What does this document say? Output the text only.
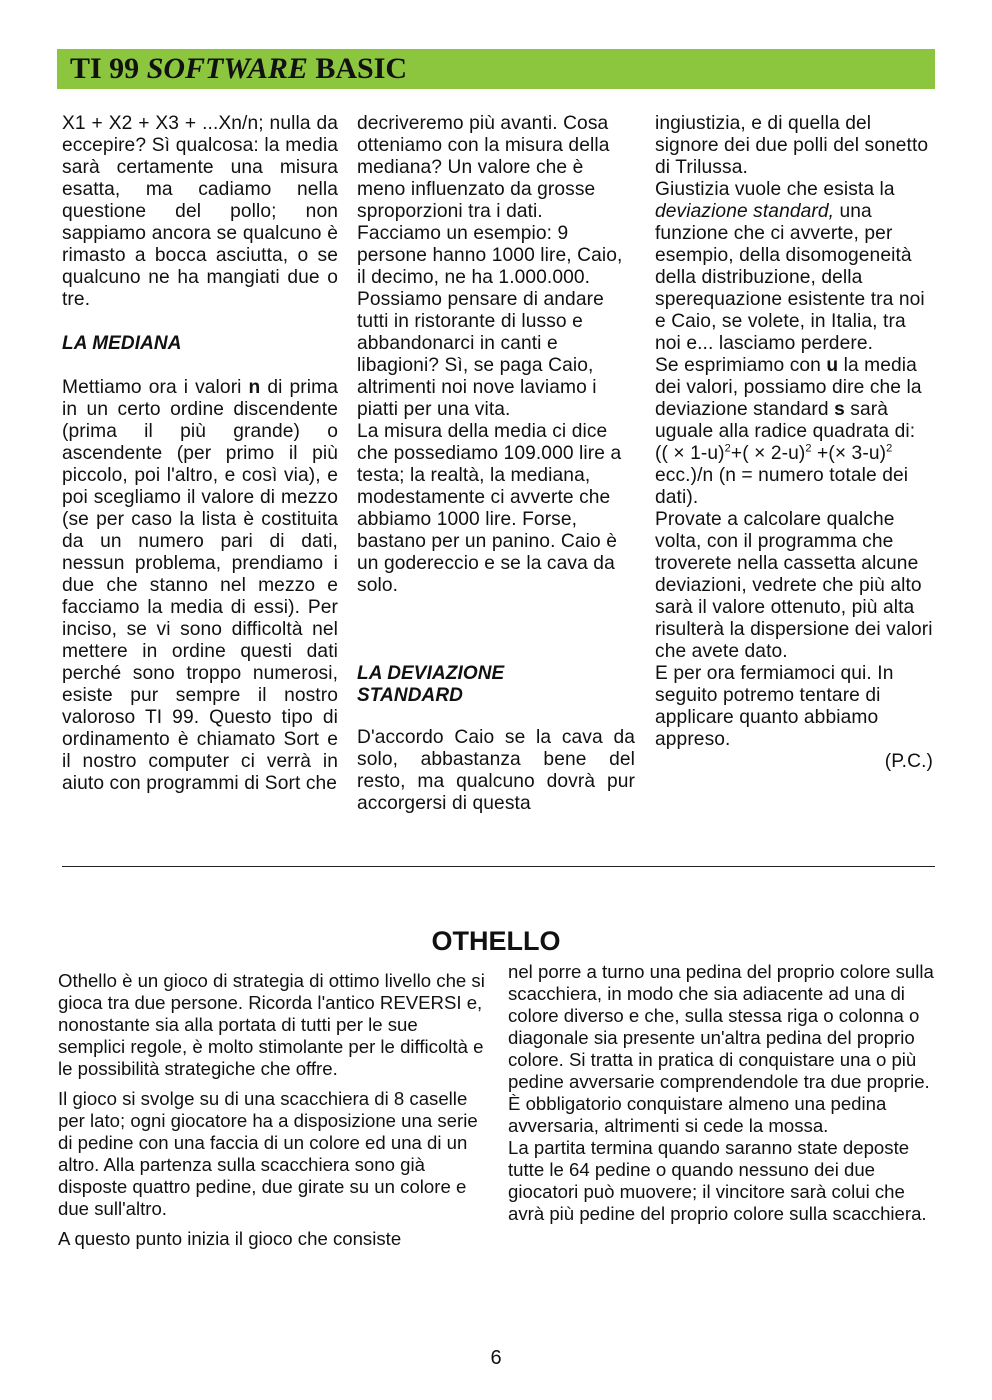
TI 99 SOFTWARE BASIC

X1 + X2 + X3 + ...Xn/n; nulla da eccepire? Sì qualcosa: la media sarà certamente una misura esatta, ma cadiamo nella questione del pollo; non sappiamo ancora se qualcuno è rimasto a bocca asciutta, o se qualcuno ne ha mangiati due o tre.

LA MEDIANA

Mettiamo ora i valori n di prima in un certo ordine discendente (prima il più grande) o ascendente (per primo il più piccolo, poi l'altro, e così via), e poi scegliamo il valore di mezzo (se per caso la lista è costituita da un numero pari di dati, nessun problema, prendiamo i due che stanno nel mezzo e facciamo la media di essi). Per inciso, se vi sono difficoltà nel mettere in ordine questi dati perché sono troppo numerosi, esiste pur sempre il nostro valoroso TI 99. Questo tipo di ordinamento è chiamato Sort e il nostro computer ci verrà in aiuto con programmi di Sort che

decriveremo più avanti. Cosa otteniamo con la misura della mediana? Un valore che è meno influenzato da grosse sproporzioni tra i dati.

Facciamo un esempio: 9 persone hanno 1000 lire, Caio, il decimo, ne ha 1.000.000. Possiamo pensare di andare tutti in ristorante di lusso e abbandonarci in canti e libagioni? Sì, se paga Caio, altrimenti noi nove laviamo i piatti per una vita.

La misura della media ci dice che possediamo 109.000 lire a testa; la realtà, la mediana, modestamente ci avverte che abbiamo 1000 lire. Forse, bastano per un panino. Caio è un godereccio e se la cava da solo.

LA DEVIAZIONE
STANDARD

D'accordo Caio se la cava da solo, abbastanza bene del resto, ma qualcuno dovrà pur accorgersi di questa

ingiustizia, e di quella del signore dei due polli del sonetto di Trilussa.

Giustizia vuole che esista la deviazione standard, una funzione che ci avverte, per esempio, della disomogeneità della distribuzione, della sperequazione esistente tra noi e Caio, se volete, in Italia, tra noi e... lasciamo perdere.

Se esprimiamo con u la media dei valori, possiamo dire che la deviazione standard s sarà uguale alla radice quadrata di:

(( × $1-u)^2+( \times 2-u)^2$ +(× 3-u)$^2$

ecc.)/n (n = numero totale dei dati).

Provate a calcolare qualche volta, con il programma che troverete nella cassetta alcune deviazioni, vedrete che più alto sarà il valore ottenuto, più alta risulterà la dispersione dei valori che avete dato.

E per ora fermiamoci qui. In seguito potremo tentare di applicare quanto abbiamo appreso.

(P.C.)

OTHELLO

Othello è un gioco di strategia di ottimo livello che si gioca tra due persone. Ricorda l'antico REVERSI e, nonostante sia alla portata di tutti per le sue semplici regole, è molto stimolante per le difficoltà e le possibilità strategiche che offre.

Il gioco si svolge su di una scacchiera di 8 caselle per lato; ogni giocatore ha a disposizione una serie di pedine con una faccia di un colore ed una di un altro. Alla partenza sulla scacchiera sono già disposte quattro pedine, due girate su un colore e due sull'altro.

A questo punto inizia il gioco che consiste

nel porre a turno una pedina del proprio colore sulla scacchiera, in modo che sia adiacente ad una di colore diverso e che, sulla stessa riga o colonna o diagonale sia presente un'altra pedina del proprio colore. Si tratta in pratica di conquistare una o più pedine avversarie comprendendole tra due proprie. È obbligatorio conquistare almeno una pedina avversaria, altrimenti si cede la mossa.

La partita termina quando saranno state deposte tutte le 64 pedine o quando nessuno dei due giocatori può muovere; il vincitore sarà colui che avrà più pedine del proprio colore sulla scacchiera.

6
